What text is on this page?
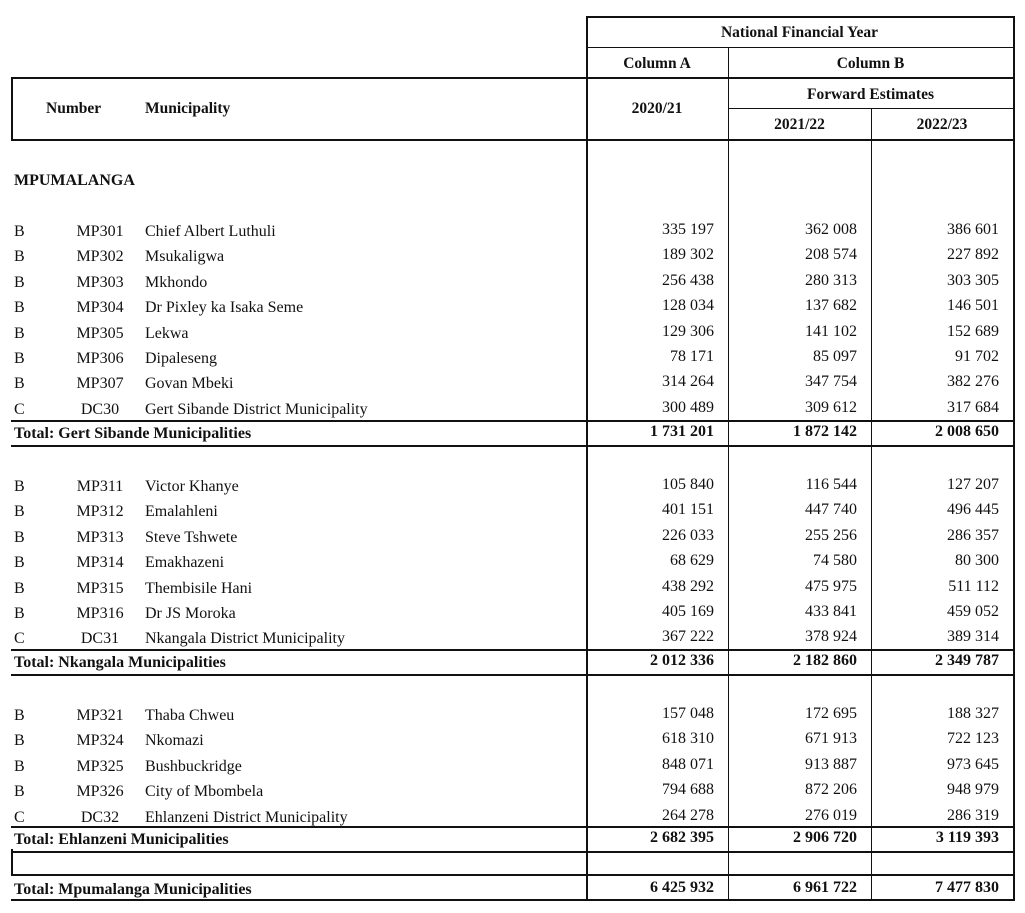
National Financial Year
Column A	Column B
Number	Municipality	2020/21
Forward Estimates
2021/22	2022/23
MPUMALANGA
B	MP301	Chief Albert Luthuli	335 197	362 008	386 601
B	MP302	Msukaligwa	189 302	208 574	227 892
B	MP303	Mkhondo	256 438	280 313	303 305
B	MP304	Dr Pixley ka Isaka Seme	128 034	137 682	146 501
B	MP305	Lekwa	129 306	141 102	152 689
B	MP306	Dipaleseng	78 171	85 097	91 702
B	MP307	Govan Mbeki	314 264	347 754	382 276
C	DC30	Gert Sibande District Municipality	300 489	309 612	317 684
Total: Gert Sibande Municipalities	1 731 201	1 872 142	2 008 650
B	MP311	Victor Khanye	105 840	116 544	127 207
B	MP312	Emalahleni	401 151	447 740	496 445
B	MP313	Steve Tshwete	226 033	255 256	286 357
B	MP314	Emakhazeni	68 629	74 580	80 300
B	MP315	Thembisile Hani	438 292	475 975	511 112
B	MP316	Dr JS Moroka	405 169	433 841	459 052
C	DC31	Nkangala District Municipality	367 222	378 924	389 314
Total: Nkangala Municipalities	2 012 336	2 182 860	2 349 787
B	MP321	Thaba Chweu	157 048	172 695	188 327
B	MP324	Nkomazi	618 310	671 913	722 123
B	MP325	Bushbuckridge	848 071	913 887	973 645
B	MP326	City of Mbombela	794 688	872 206	948 979
C	DC32	Ehlanzeni District Municipality	264 278	276 019	286 319
Total: Ehlanzeni Municipalities	2 682 395	2 906 720	3 119 393
Total: Mpumalanga Municipalities	6 425 932	6 961 722	7 477 830
